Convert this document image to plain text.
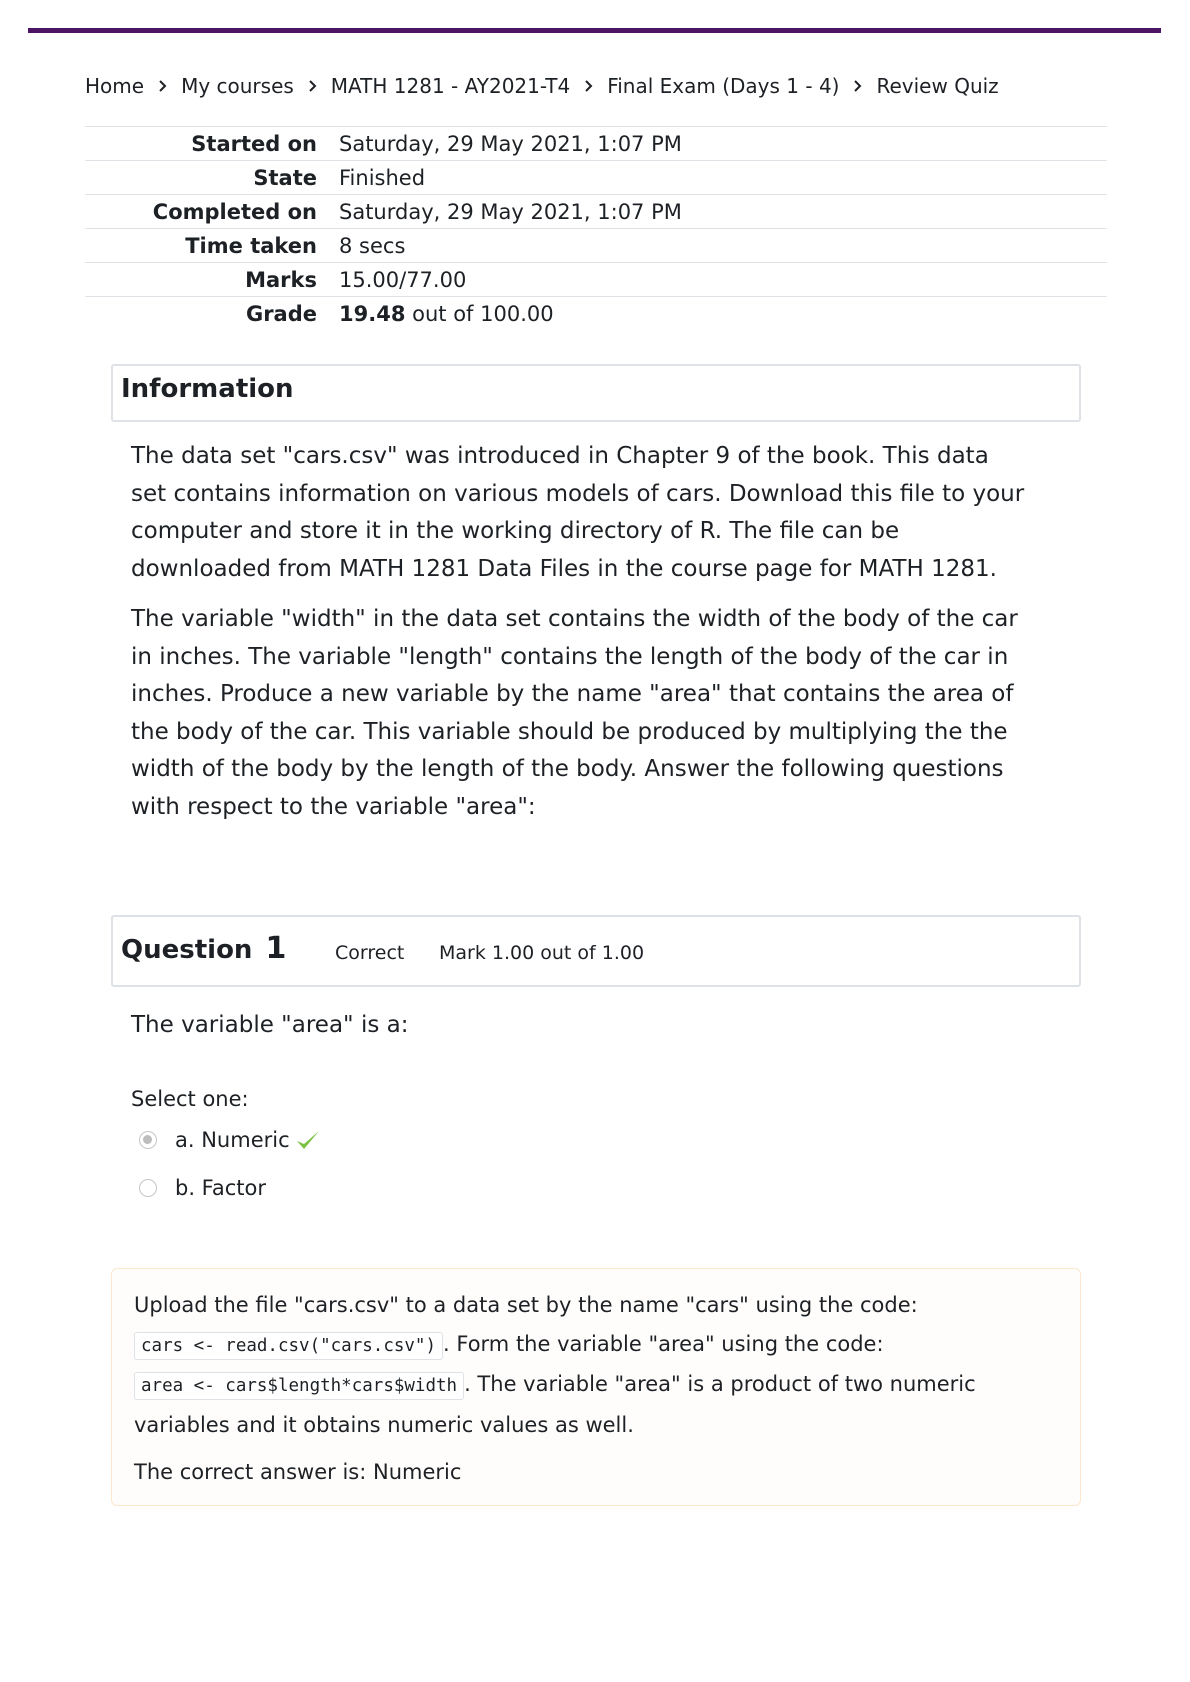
Home My courses MATH 1281 - AY2021-T4 Final Exam (Days 1 - 4) Review Quiz
Started on	Saturday, 29 May 2021, 1:07 PM
State	Finished
Completed on	Saturday, 29 May 2021, 1:07 PM
Time taken	8 secs
Marks	15.00/77.00
Grade	19.48 out of 100.00
Information

The data set "cars.csv" was introduced in Chapter 9 of the book. This data set contains information on various models of cars. Download this file to your computer and store it in the working directory of R. The file can be downloaded from MATH 1281 Data Files in the course page for MATH 1281.

The variable "width" in the data set contains the width of the body of the car in inches. The variable "length" contains the length of the body of the car in inches. Produce a new variable by the name "area" that contains the area of the body of the car. This variable should be produced by multiplying the the width of the body by the length of the body. Answer the following questions with respect to the variable "area":

Question 1	Correct Mark 1.00 out of 1.00
The variable "area" is a:
Select one:
a. Numeric
b. Factor

Upload the file "cars.csv" to a data set by the name "cars" using the code:
cars <- read.csv("cars.csv") . Form the variable "area" using the code:
area <- cars$length*cars$width . The variable "area" is a product of two numeric variables and it obtains numeric values as well.

The correct answer is: Numeric
